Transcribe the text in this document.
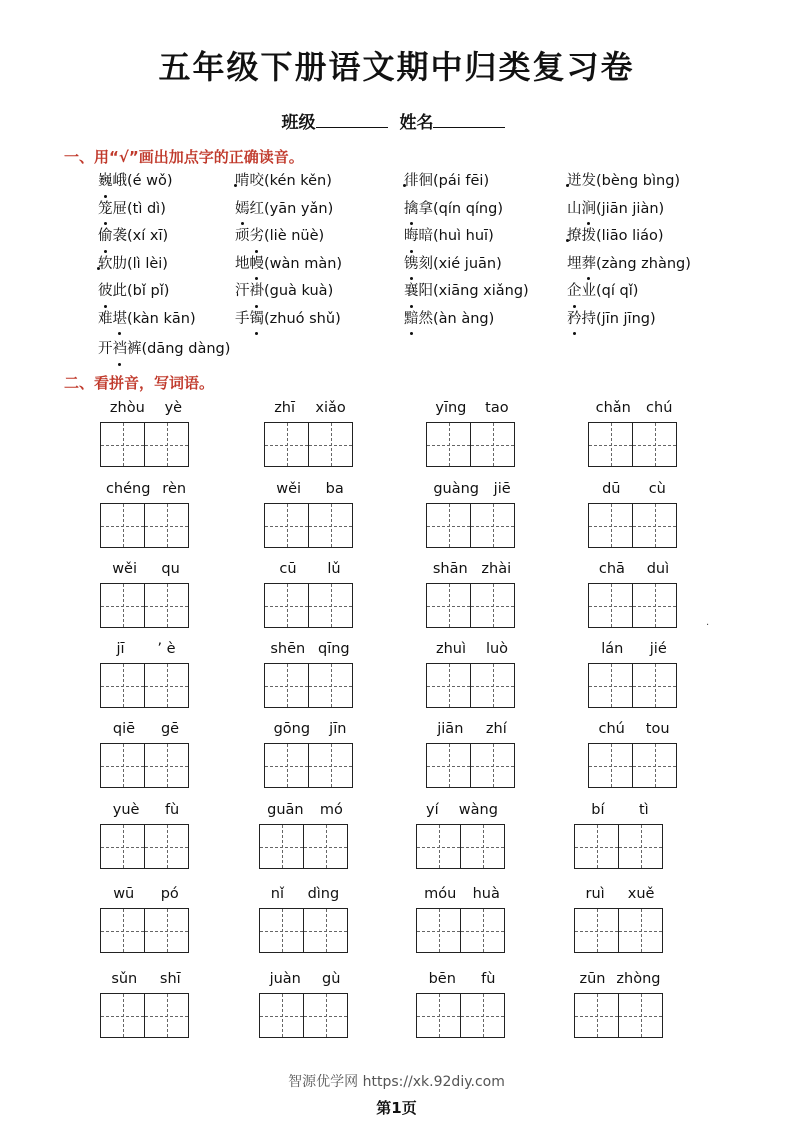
五年级下册语文期中归类复习卷
班级	姓名
一、用“√”画出加点字的正确读音。
巍峨(é wǒ)	啃咬(kén kěn)	徘徊(pái fēi)	迸发(bèng bìng)
笼屉(tì dì)	嫣红(yān yǎn)	擒拿(qín qíng)	山涧(jiān jiàn)
偷袭(xí xī)	顽劣(liè nüè)	晦暗(huì huī)	撩拨(liāo liáo)
软肋(lì lèi)	地幔(wàn màn)	镌刻(xié juān)	埋葬(zàng zhàng)
彼此(bǐ pǐ)	汗褂(guà kuà)	襄阳(xiāng xiǎng)	企业(qí qǐ)
难堪(kàn kān)	手镯(zhuó shǔ)	黯然(àn àng)	矜持(jīn jīng)
开裆裤(dāng dàng)
二、看拼音，写词语。
zhòu yè	zhī xiǎo	yīng tao	chǎn chú
chéng rèn	wěi ba	guàng jiē	dū cù
wěi qu	cū lǔ	shān zhài	chā duì
jī ’ è	shēn qīng	zhuì luò	lán jié
qiē gē	gōng jīn	jiān zhí	chú tou
yuè fù	guān mó	yí wàng	bí tì
wū pó	nǐ dìng	móu huà	ruì xuě
sǔn shī	juàn gù	bēn fù	zūn zhòng
·
智源优学网 https://xk.92diy.com
第1页
